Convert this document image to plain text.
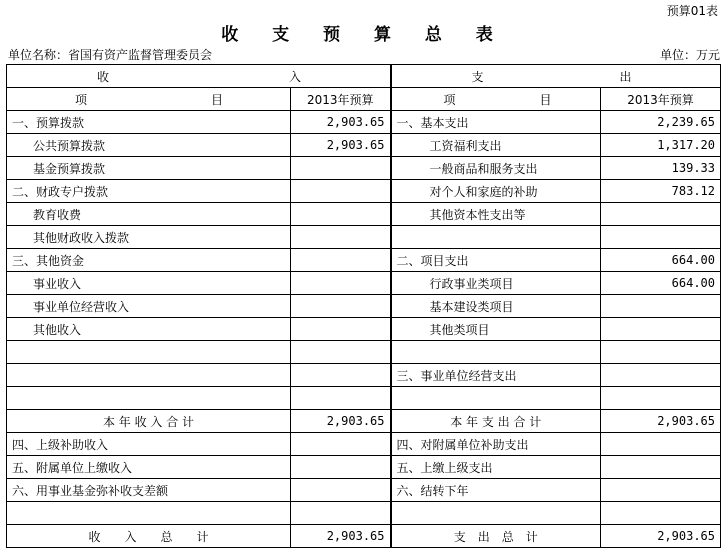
预算01表
收 支 预 算 总 表
单位名称：省国有资产监督管理委员会	单位：万元
收 入		支 出	

项 目	2013年预算	项 目	2013年预算
一、预算拨款	2,903.65	一、基本支出	2,239.65
公共预算拨款	2,903.65	工资福利支出	1,317.20
基金预算拨款		一般商品和服务支出	139.33
二、财政专户拨款		对个人和家庭的补助	783.12
教育收费		其他资本性支出等	
其他财政收入拨款			
三、其他资金		二、项目支出	664.00
事业收入		行政事业类项目	664.00
事业单位经营收入		基本建设类项目	
其他收入		其他类项目	

		三、事业单位经营支出	

本 年 收 入 合 计	2,903.65	本 年 支 出 合 计	2,903.65
四、上级补助收入		四、对附属单位补助支出	
五、附属单位上缴收入		五、上缴上级支出	
六、用事业基金弥补收支差额		六、结转下年	

收　　入　　总　　计	2,903.65	支　出　总　计	2,903.65
